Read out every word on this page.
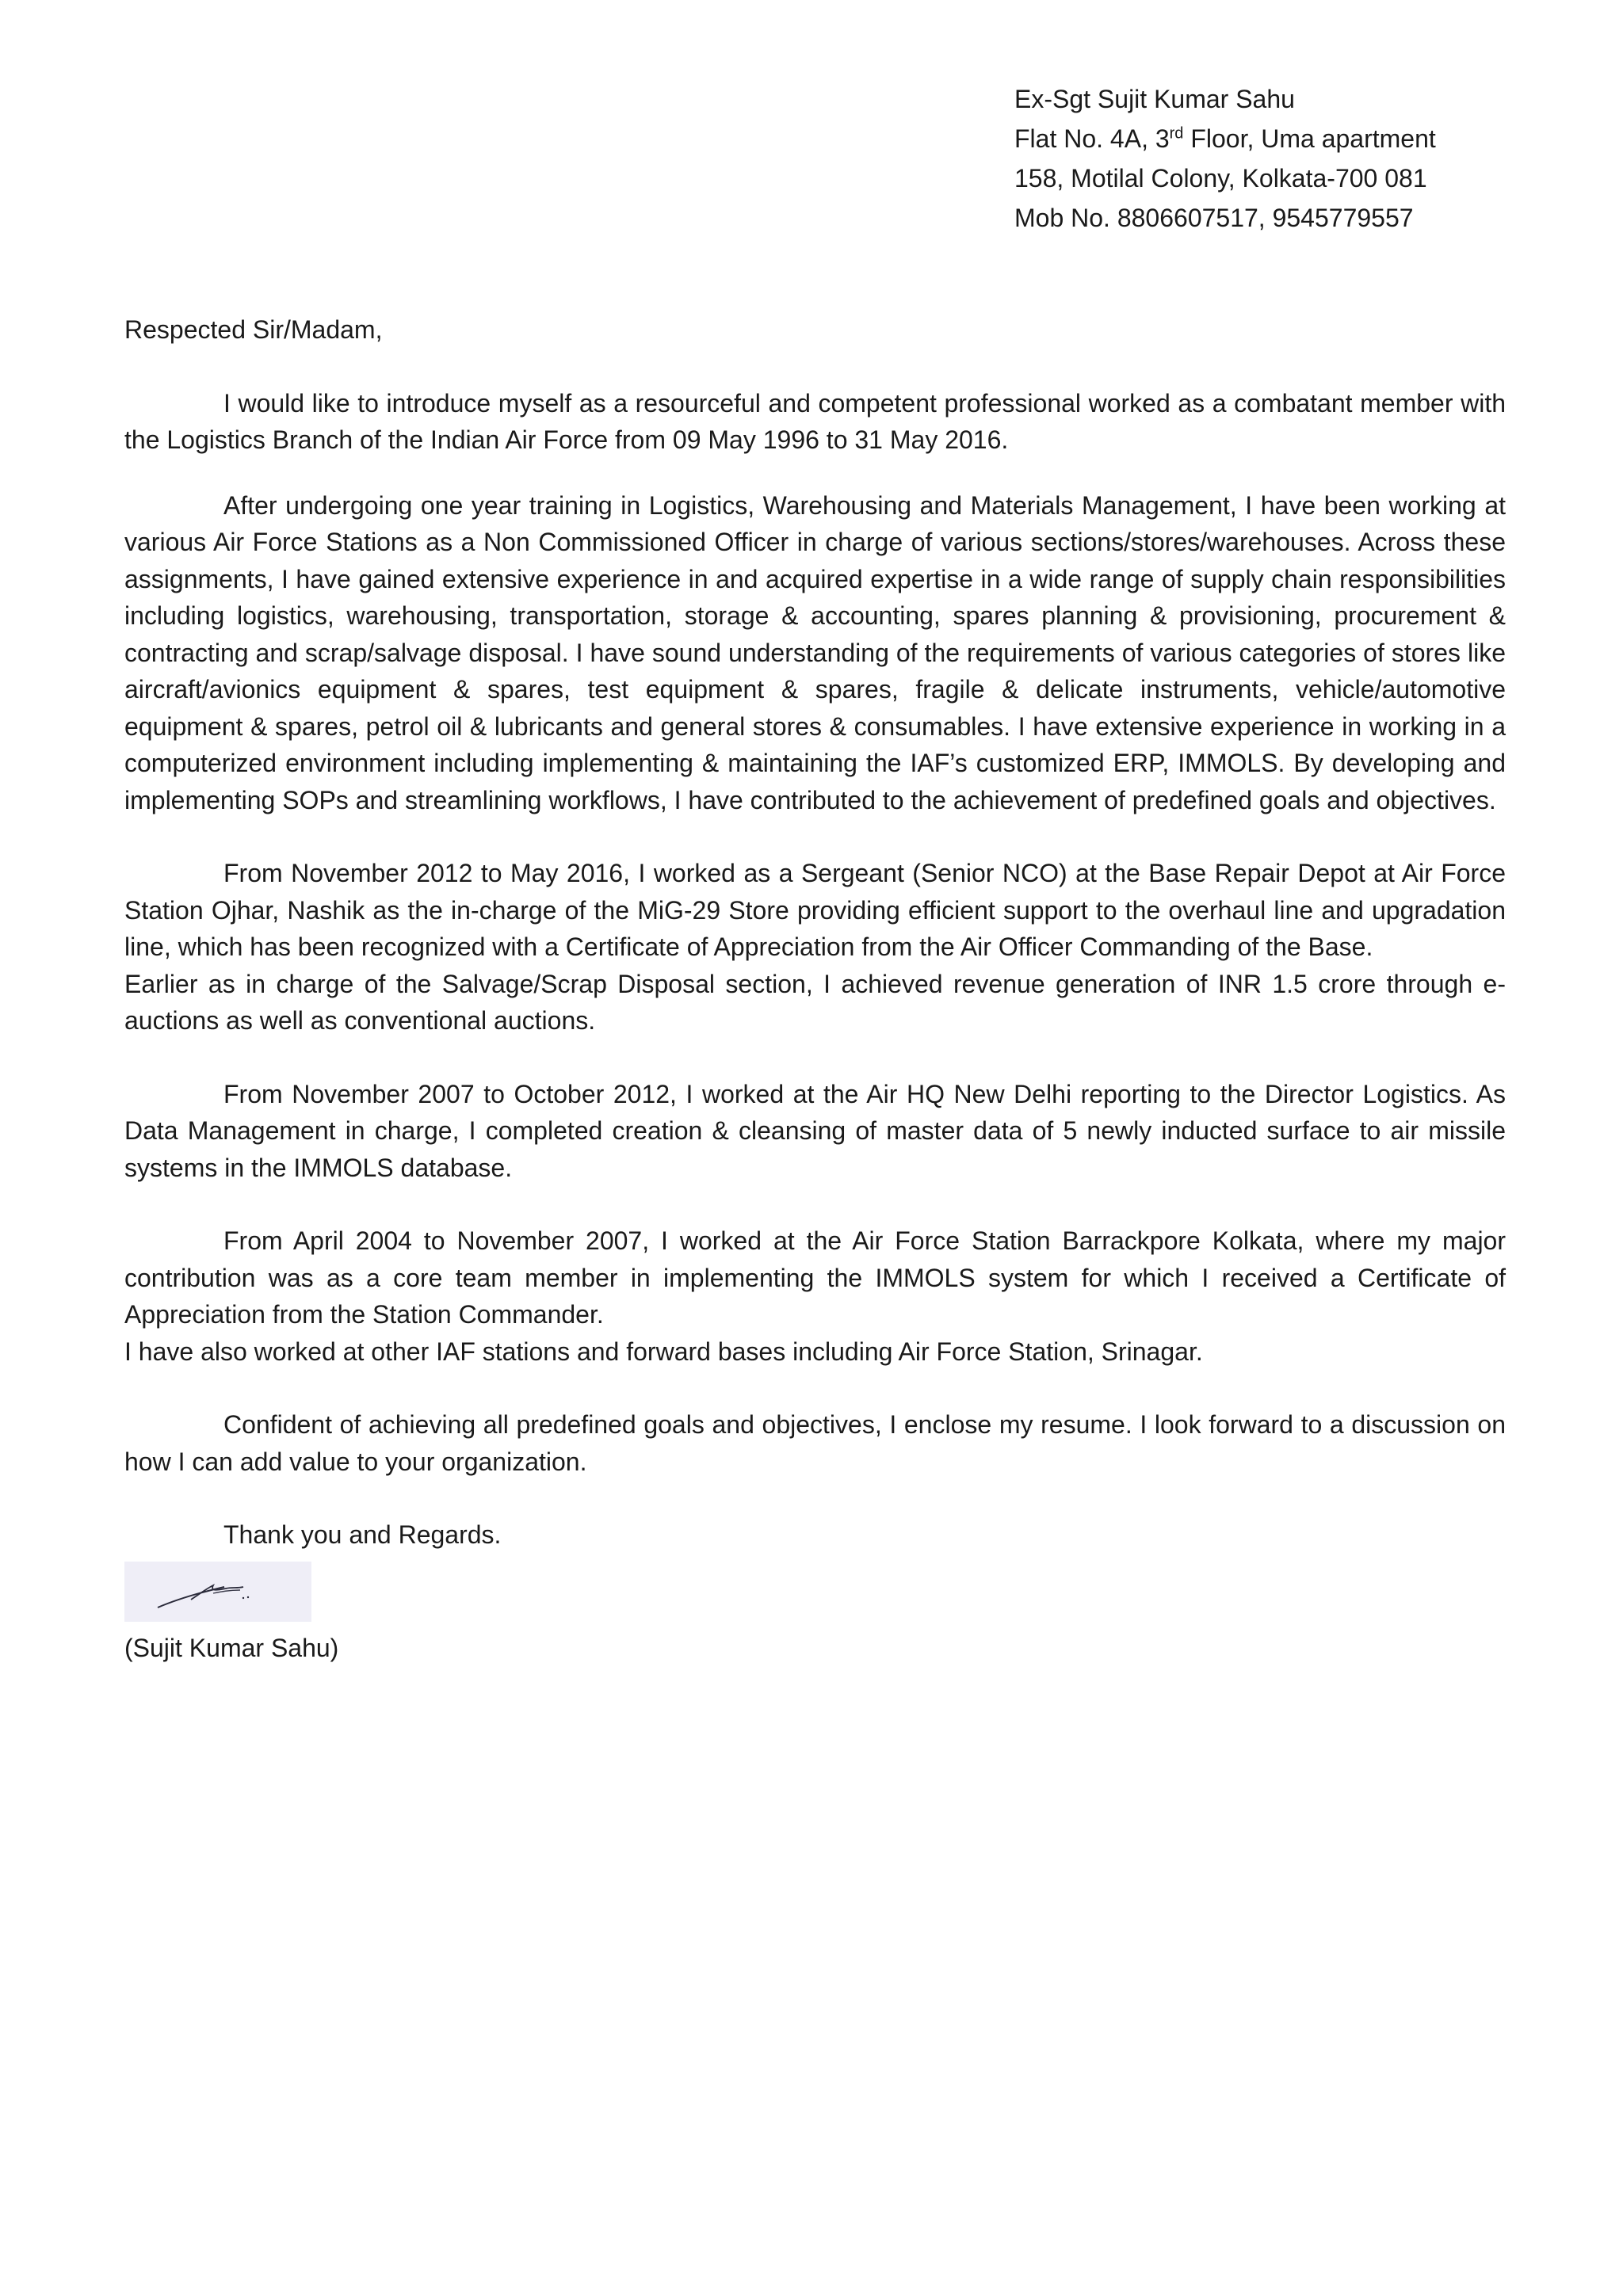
Ex-Sgt Sujit Kumar Sahu
Flat No. 4A, 3rd Floor, Uma apartment
158, Motilal Colony, Kolkata-700 081
Mob No. 8806607517, 9545779557

Respected Sir/Madam,

I would like to introduce myself as a resourceful and competent professional worked as a combatant member with the Logistics Branch of the Indian Air Force from 09 May 1996 to 31 May 2016.

After undergoing one year training in Logistics, Warehousing and Materials Management, I have been working at various Air Force Stations as a Non Commissioned Officer in charge of various sections/stores/warehouses. Across these assignments, I have gained extensive experience in and acquired expertise in a wide range of supply chain responsibilities including logistics, warehousing, transportation, storage & accounting, spares planning & provisioning, procurement & contracting and scrap/salvage disposal. I have sound understanding of the requirements of various categories of stores like aircraft/avionics equipment & spares, test equipment & spares, fragile & delicate instruments, vehicle/automotive equipment & spares, petrol oil & lubricants and general stores & consumables. I have extensive experience in working in a computerized environment including implementing & maintaining the IAF’s customized ERP, IMMOLS. By developing and implementing SOPs and streamlining workflows, I have contributed to the achievement of predefined goals and objectives.

From November 2012 to May 2016, I worked as a Sergeant (Senior NCO) at the Base Repair Depot at Air Force Station Ojhar, Nashik as the in-charge of the MiG-29 Store providing efficient support to the overhaul line and upgradation line, which has been recognized with a Certificate of Appreciation from the Air Officer Commanding of the Base.

Earlier as in charge of the Salvage/Scrap Disposal section, I achieved revenue generation of INR 1.5 crore through e-auctions as well as conventional auctions.

From November 2007 to October 2012, I worked at the Air HQ New Delhi reporting to the Director Logistics. As Data Management in charge, I completed creation & cleansing of master data of 5 newly inducted surface to air missile systems in the IMMOLS database.

From April 2004 to November 2007, I worked at the Air Force Station Barrackpore Kolkata, where my major contribution was as a core team member in implementing the IMMOLS system for which I received a Certificate of Appreciation from the Station Commander.

I have also worked at other IAF stations and forward bases including Air Force Station, Srinagar.

Confident of achieving all predefined goals and objectives, I enclose my resume. I look forward to a discussion on how I can add value to your organization.

Thank you and Regards.

(Sujit Kumar Sahu)
